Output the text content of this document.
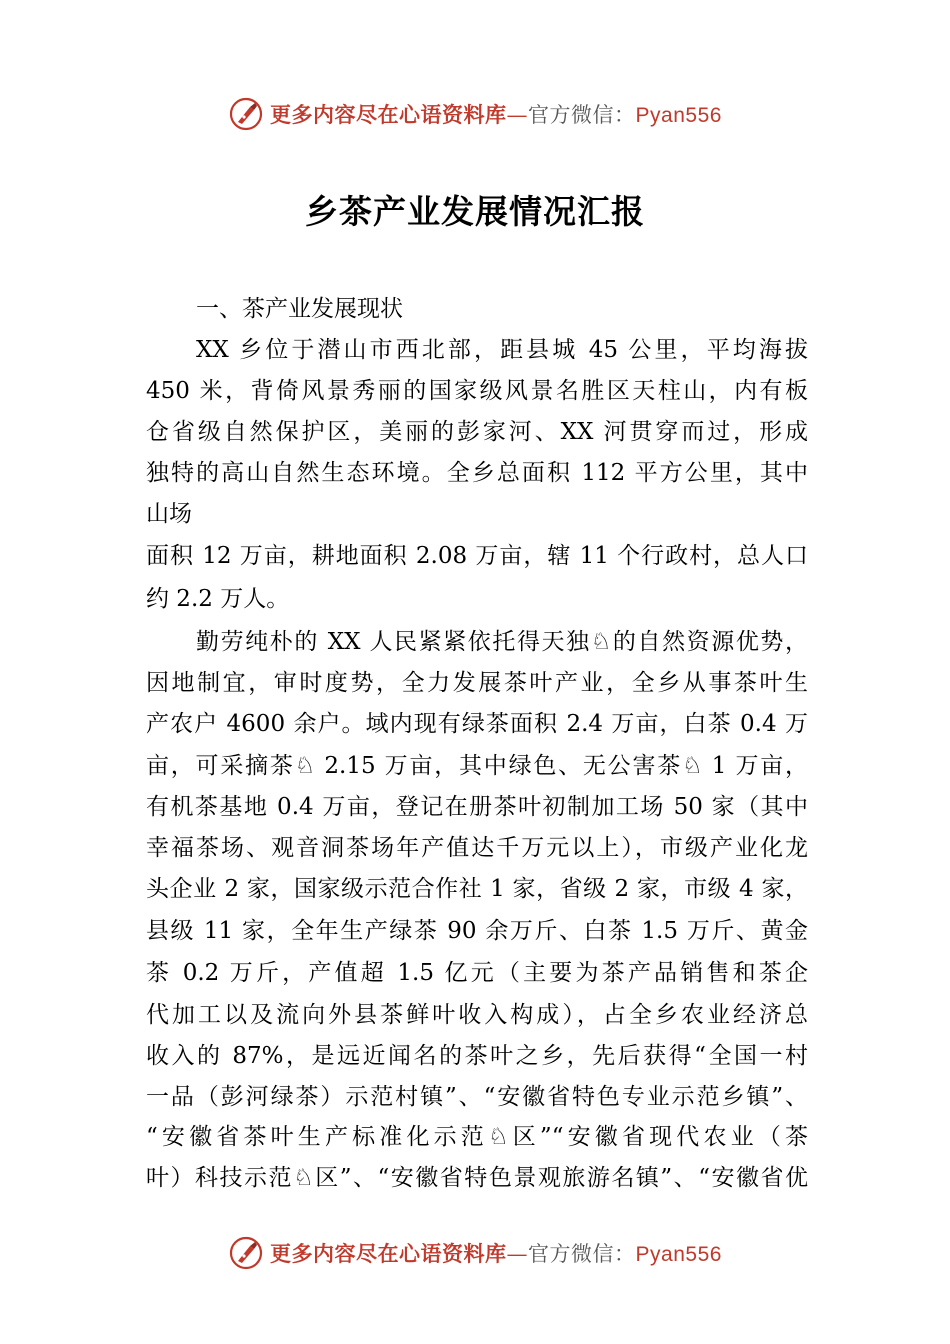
更多内容尽在心语资料库—官方微信：Pyan556
乡茶产业发展情况汇报
一、茶产业发展现状
XX 乡位于潜山市西北部，距县城 45 公里，平均海拔
450 米，背倚风景秀丽的国家级风景名胜区天柱山，内有板
仓省级自然保护区，美丽的彭家河、XX 河贯穿而过，形成
独特的高山自然生态环境。全乡总面积 112 平方公里，其中
山场
面积 12 万亩，耕地面积 2.08 万亩，辖 11 个行政村，总人口
约 2.2 万人。
勤劳纯朴的 XX 人民紧紧依托得天独♘的自然资源优势，
因地制宜，审时度势，全力发展茶叶产业，全乡从事茶叶生
产农户 4600 余户。域内现有绿茶面积 2.4 万亩，白茶 0.4 万
亩，可采摘茶♘ 2.15 万亩，其中绿色、无公害茶♘ 1 万亩，
有机茶基地 0.4 万亩，登记在册茶叶初制加工场 50 家（其中
幸福茶场、观音洞茶场年产值达千万元以上），市级产业化龙
头企业 2 家，国家级示范合作社 1 家，省级 2 家，市级 4 家，
县级 11 家，全年生产绿茶 90 余万斤、白茶 1.5 万斤、黄金
茶 0.2 万斤，产值超 1.5 亿元（主要为茶产品销售和茶企
代加工以及流向外县茶鲜叶收入构成），占全乡农业经济总
收入的 87%，是远近闻名的茶叶之乡，先后获得“全国一村
一品（彭河绿茶）示范村镇”、“安徽省特色专业示范乡镇”、
“安徽省茶叶生产标准化示范♘区”“安徽省现代农业（茶
叶）科技示范♘区”、“安徽省特色景观旅游名镇”、“安徽省优
更多内容尽在心语资料库—官方微信：Pyan556
